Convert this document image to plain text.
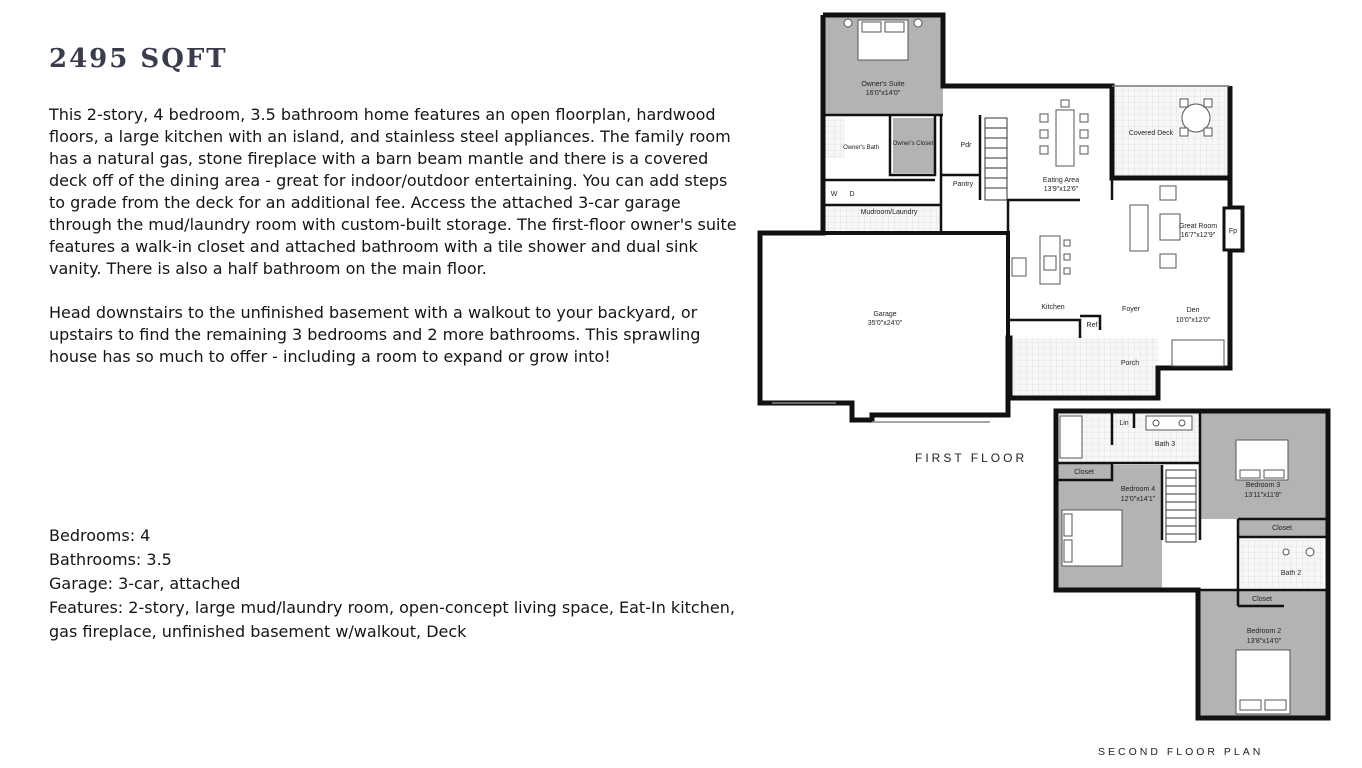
2495 SQFT

This 2-story, 4 bedroom, 3.5 bathroom home features an open floorplan, hardwood floors, a large kitchen with an island, and stainless steel appliances. The family room has a natural gas, stone fireplace with a barn beam mantle and there is a covered deck off of the dining area - great for indoor/outdoor entertaining. You can add steps to grade from the deck for an additional fee. Access the attached 3-car garage through the mud/laundry room with custom-built storage. The first-floor owner's suite features a walk-in closet and attached bathroom with a tile shower and dual sink vanity. There is also a half bathroom on the main floor.

Head downstairs to the unfinished basement with a walkout to your backyard, or upstairs to find the remaining 3 bedrooms and 2 more bathrooms. This sprawling house has so much to offer - including a room to expand or grow into!

Bedrooms: 4
Bathrooms: 3.5
Garage: 3-car, attached
Features: 2-story, large mud/laundry room, open-concept living space, Eat-In kitchen, gas fireplace, unfinished basement w/walkout, Deck
Owner's Suite
16'0"x14'0"
Owner's Bath
Owner's Closet	Pdr
Pantry
W D
Mudroom/Laundry
Eating Area
13'9"x12'6"
Covered Deck
Great Room
16'7"x12'9"
Fp
Garage
35'0"x24'0"
Kitchen	Foyer	Den
10'0"x12'0"
Ref
Porch
FIRST FLOOR
Lin
Bath 3
Closet
Bedroom 4
12'0"x14'1"
Bedroom 3
13'11"x11'8"
Closet
Bath 2
Closet
Bedroom 2
13'8"x14'0"
SECOND FLOOR PLAN
